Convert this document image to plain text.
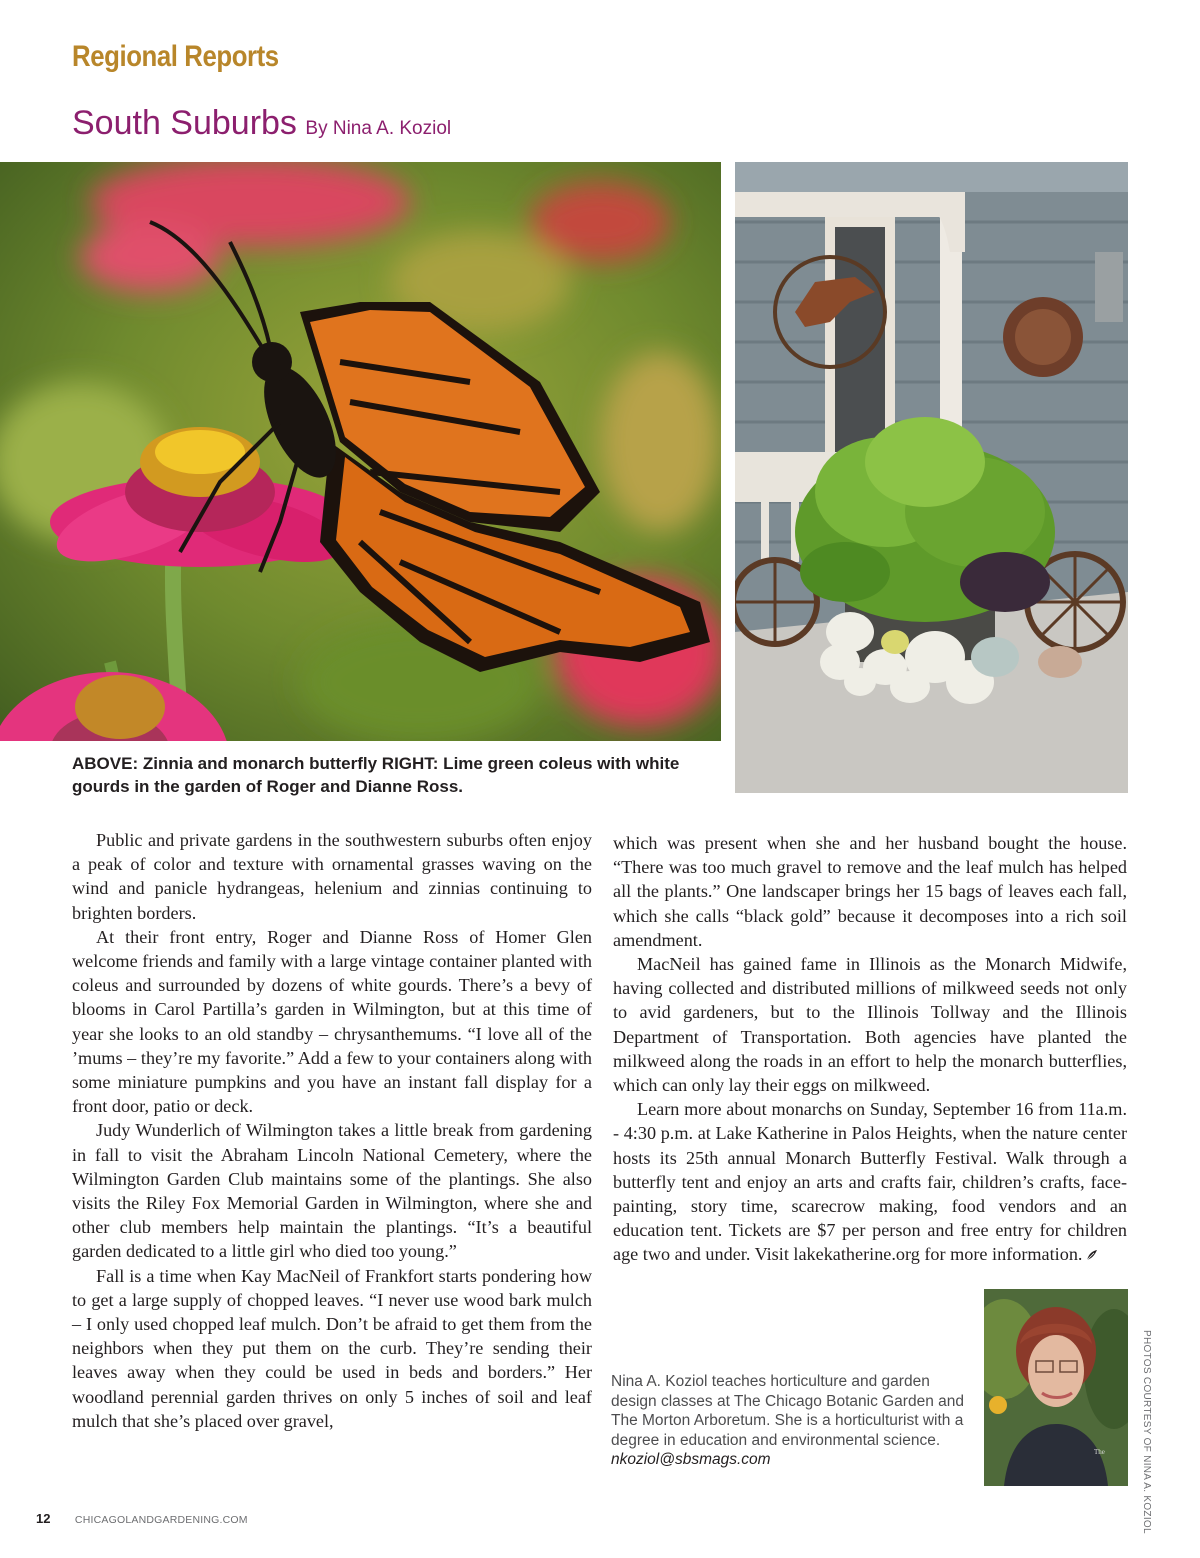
Regional Reports
South Suburbs By Nina A. Koziol
ABOVE: Zinnia and monarch butterfly RIGHT: Lime green coleus with white gourds in the garden of Roger and Dianne Ross.

Public and private gardens in the southwestern suburbs often enjoy a peak of color and texture with ornamental grasses waving on the wind and panicle hydrangeas, helenium and zinnias continuing to brighten borders.

At their front entry, Roger and Dianne Ross of Homer Glen welcome friends and family with a large vintage container planted with coleus and surrounded by dozens of white gourds. There’s a bevy of blooms in Carol Partilla’s garden in Wilmington, but at this time of year she looks to an old standby – chrysanthemums. “I love all of the ’mums – they’re my favorite.” Add a few to your containers along with some miniature pumpkins and you have an instant fall display for a front door, patio or deck.

Judy Wunderlich of Wilmington takes a little break from gardening in fall to visit the Abraham Lincoln National Cemetery, where the Wilmington Garden Club maintains some of the plantings. She also visits the Riley Fox Memorial Garden in Wilmington, where she and other club members help maintain the plantings. “It’s a beautiful garden dedicated to a little girl who died too young.”

Fall is a time when Kay MacNeil of Frankfort starts pondering how to get a large supply of chopped leaves. “I never use wood bark mulch – I only used chopped leaf mulch. Don’t be afraid to get them from the neighbors when they put them on the curb. They’re sending their leaves away when they could be used in beds and borders.” Her woodland perennial garden thrives on only 5 inches of soil and leaf mulch that she’s placed over gravel,

which was present when she and her husband bought the house. “There was too much gravel to remove and the leaf mulch has helped all the plants.” One landscaper brings her 15 bags of leaves each fall, which she calls “black gold” because it decomposes into a rich soil amendment.

MacNeil has gained fame in Illinois as the Monarch Midwife, having collected and distributed millions of milkweed seeds not only to avid gardeners, but to the Illinois Tollway and the Illinois Department of Transportation. Both agencies have planted the milkweed along the roads in an effort to help the monarch butterflies, which can only lay their eggs on milkweed.

Learn more about monarchs on Sunday, September 16 from 11a.m. - 4:30 p.m. at Lake Katherine in Palos Heights, when the nature center hosts its 25th annual Monarch Butterfly Festival. Walk through a butterfly tent and enjoy an arts and crafts fair, children’s crafts, face-painting, story time, scarecrow making, food vendors and an education tent. Tickets are $7 per person and free entry for children age two and under. Visit lakekatherine.org for more information.

Nina A. Koziol teaches horticulture and garden design classes at The Chicago Botanic Garden and The Morton Arboretum. She is a horticulturist with a degree in education and environmental science.
nkoziol@sbsmags.com	The	PHOTOS COURTESY OF NINA A. KOZIOL
12 CHICAGOLANDGARDENING.COM
